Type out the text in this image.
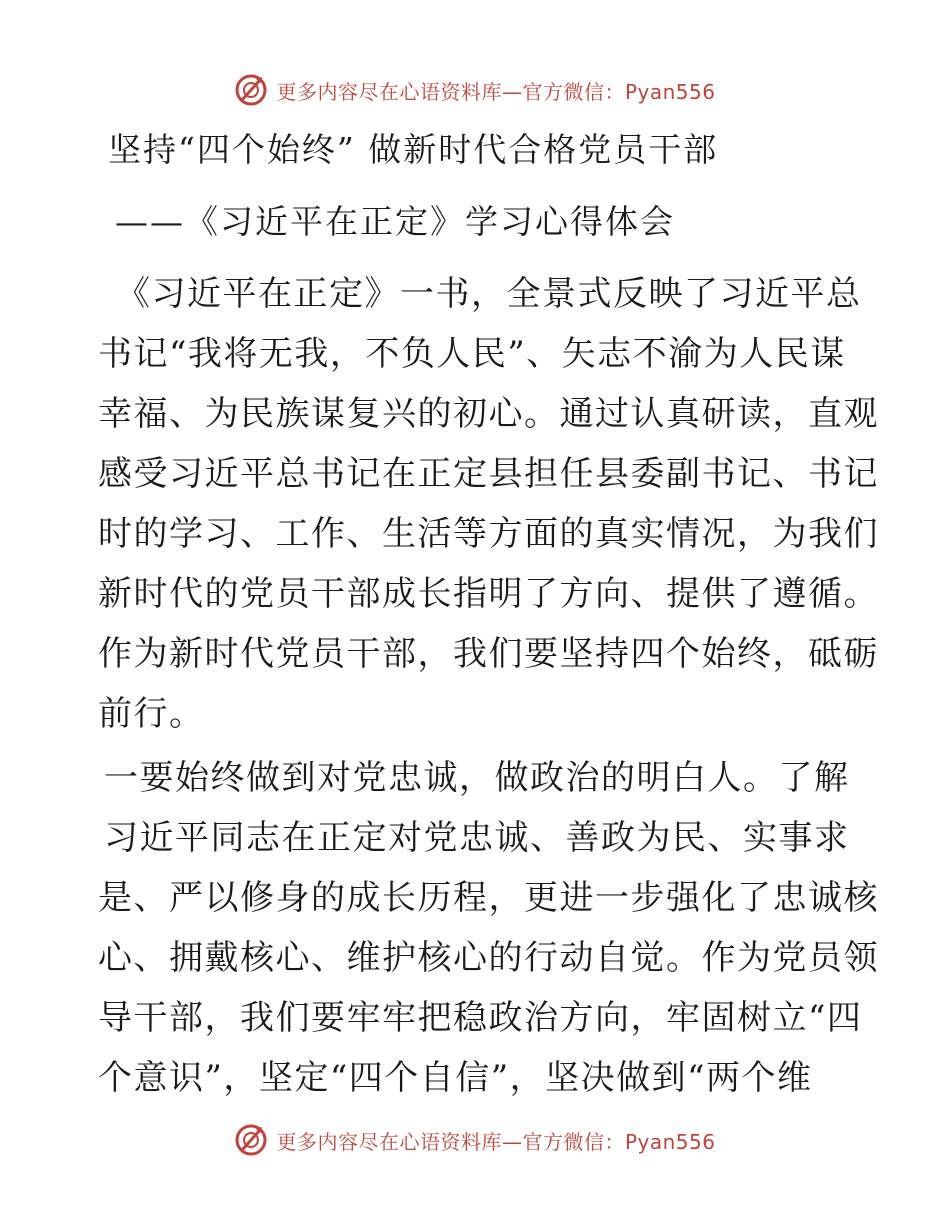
更多内容尽在心语资料库—官方微信：Pyan556
坚持“四个始终” 做新时代合格党员干部
——《习近平在正定》学习心得体会
《习近平在正定》一书，全景式反映了习近平总
书记“我将无我，不负人民”、矢志不渝为人民谋
幸福、为民族谋复兴的初心。通过认真研读，直观
感受习近平总书记在正定县担任县委副书记、书记
时的学习、工作、生活等方面的真实情况，为我们
新时代的党员干部成长指明了方向、提供了遵循。
作为新时代党员干部，我们要坚持四个始终，砥砺
前行。
一要始终做到对党忠诚，做政治的明白人。了解
习近平同志在正定对党忠诚、善政为民、实事求
是、严以修身的成长历程，更进一步强化了忠诚核
心、拥戴核心、维护核心的行动自觉。作为党员领
导干部，我们要牢牢把稳政治方向，牢固树立“四
个意识”，坚定“四个自信”，坚决做到“两个维
更多内容尽在心语资料库—官方微信：Pyan556
